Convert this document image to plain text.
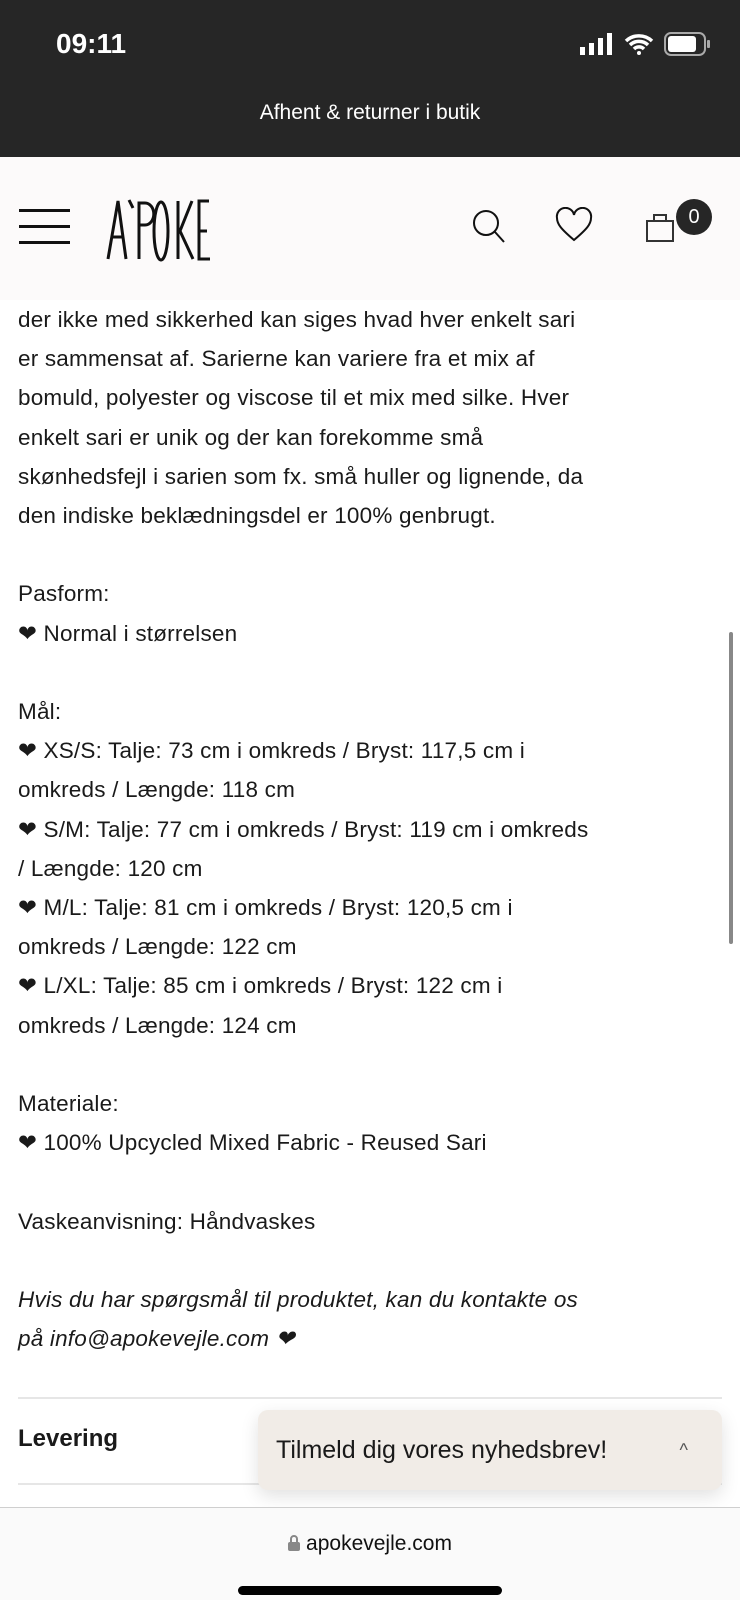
09:11
Afhent & returner i butik
0
der ikke med sikkerhed kan siges hvad hver enkelt sari
er sammensat af. Sarierne kan variere fra et mix af
bomuld, polyester og viscose til et mix med silke. Hver
enkelt sari er unik og der kan forekomme små
skønhedsfejl i sarien som fx. små huller og lignende, da
den indiske beklædningsdel er 100% genbrugt.
Pasform:
❤ Normal i størrelsen
Mål:
❤ XS/S: Talje: 73 cm i omkreds / Bryst: 117,5 cm i
omkreds / Længde: 118 cm
❤ S/M: Talje: 77 cm i omkreds / Bryst: 119 cm i omkreds
/ Længde: 120 cm
❤ M/L: Talje: 81 cm i omkreds / Bryst: 120,5 cm i
omkreds / Længde: 122 cm
❤ L/XL: Talje: 85 cm i omkreds / Bryst: 122 cm i
omkreds / Længde: 124 cm
Materiale:
❤ 100% Upcycled Mixed Fabric - Reused Sari
Vaskeanvisning: Håndvaskes
Hvis du har spørgsmål til produktet, kan du kontakte os
på info@apokevejle.com ❤
Levering	Tilmeld dig vores nyhedsbrev!	^
apokevejle.com
